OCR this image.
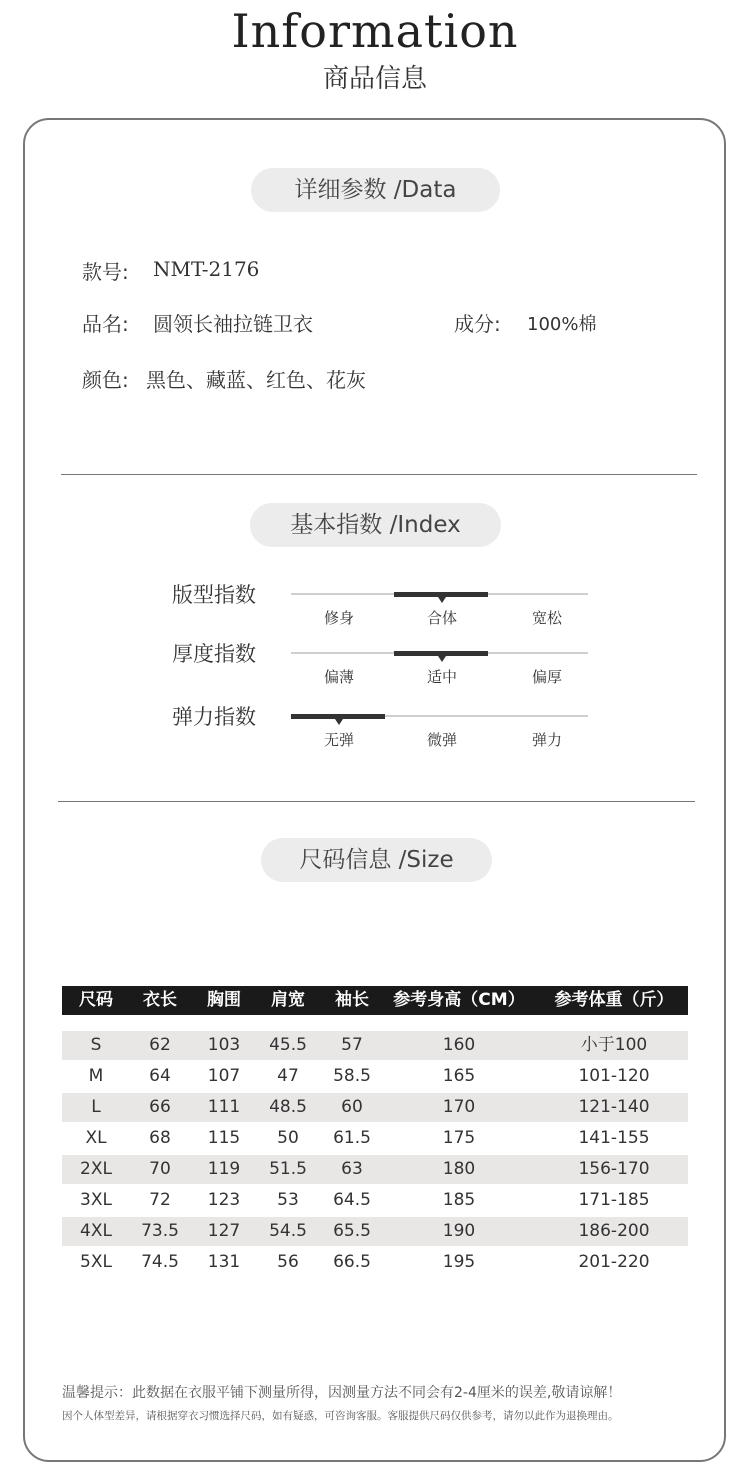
Information
商品信息
详细参数 /Data
款号: NMT-2176
品名: 圆领长袖拉链卫衣	成分: 100%棉
颜色: 黑色、藏蓝、红色、花灰
基本指数 /Index
版型指数
修身	合体	宽松
厚度指数
偏薄	适中	偏厚
弹力指数
无弹	微弹	弹力
尺码信息 /Size
尺码	衣长	胸围	肩宽	袖长	参考身高（CM）	参考体重（斤）
S	62	103	45.5	57	160	小于100
M	64	107	47	58.5	165	101-120
L	66	111	48.5	60	170	121-140
XL	68	115	50	61.5	175	141-155
2XL	70	119	51.5	63	180	156-170
3XL	72	123	53	64.5	185	171-185
4XL	73.5	127	54.5	65.5	190	186-200
5XL	74.5	131	56	66.5	195	201-220
温馨提示：此数据在衣服平铺下测量所得，因测量方法不同会有2-4厘米的误差,敬请谅解！
因个人体型差异，请根据穿衣习惯选择尺码，如有疑惑，可咨询客服。客服提供尺码仅供参考，请勿以此作为退换理由。
